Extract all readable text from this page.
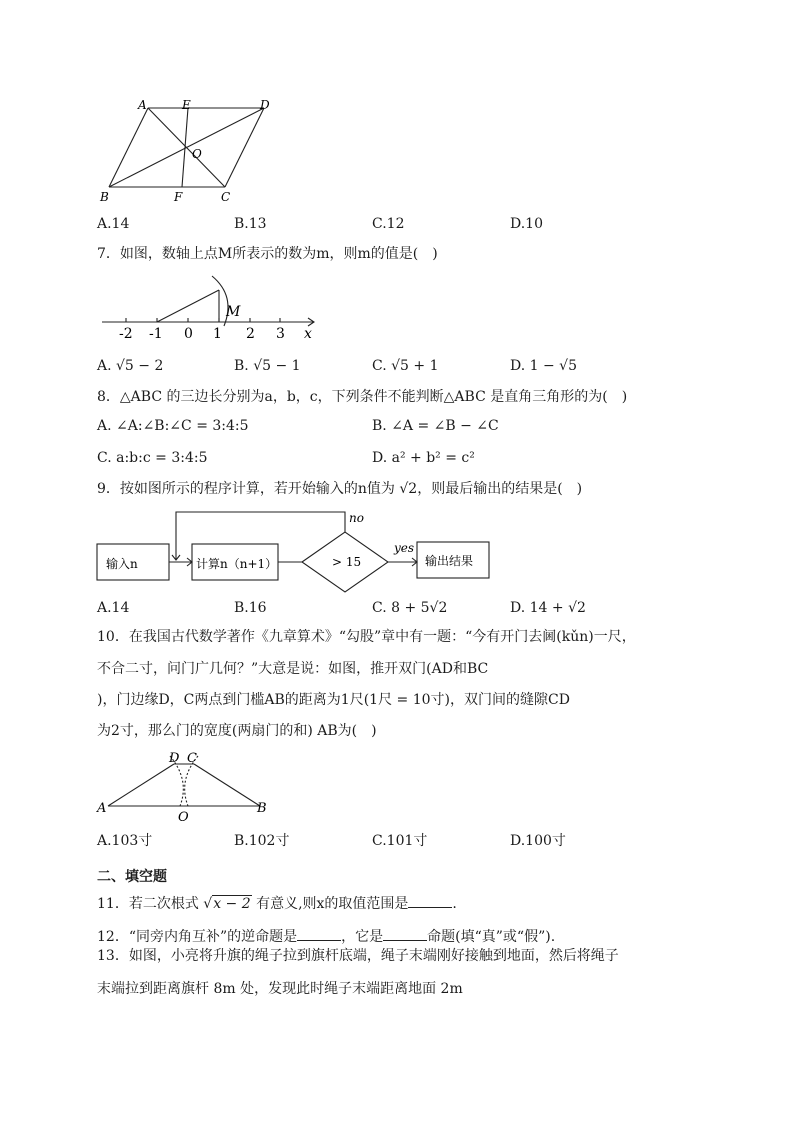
A	E	D
O
B	F	C
A.14	B.13	C.12	D.10
7．如图，数轴上点M所表示的数为m，则m的值是(　)
-2 -1 0 1 2 3 x
M
A. √5 − 2	B. √5 − 1	C. √5 + 1	D. 1 − √5
8．△ABC 的三边长分别为a，b，c，下列条件不能判断△ABC 是直角三角形的为(　)
A. ∠A:∠B:∠C = 3:4:5	B. ∠A = ∠B − ∠C
C. a:b:c = 3:4:5	D. a² + b² = c²
9．按如图所示的程序计算，若开始输入的n值为 √2，则最后输出的结果是(　)
输入n	计算n（n+1）	> 15
no
yes
输出结果
A.14	B.16	C. 8 + 5√2	D. 14 + √2
10．在我国古代数学著作《九章算术》“勾股”章中有一题：“今有开门去阃(kǔn)一尺，
不合二寸，问门广几何？”大意是说：如图，推开双门(AD和BC
)，门边缘D，C两点到门槛AB的距离为1尺(1尺 = 10寸)，双门间的缝隙CD
为2寸，那么门的宽度(两扇门的和) AB为(　)
A	B
D C
O
A.103寸	B.102寸	C.101寸	D.100寸
二、填空题
11．若二次根式 √x − 2 有意义,则x的取值范围是	.
12．“同旁内角互补”的逆命题是	，它是	命题(填“真”或“假”).
13．如图，小亮将升旗的绳子拉到旗杆底端，绳子末端刚好接触到地面，然后将绳子
末端拉到距离旗杆 8m 处，发现此时绳子末端距离地面 2m
